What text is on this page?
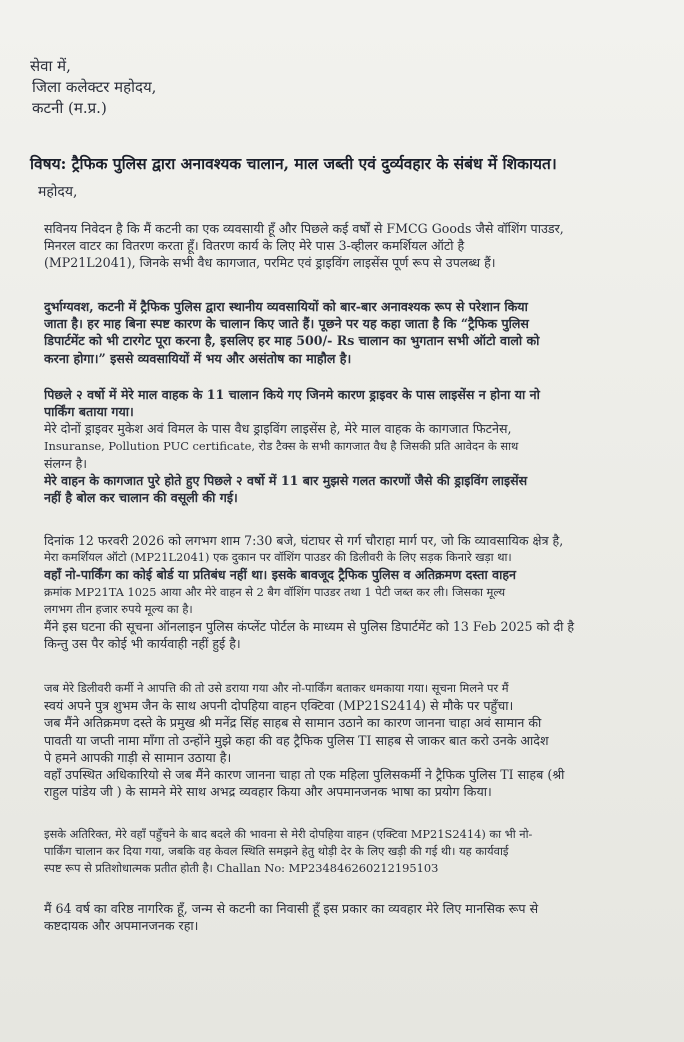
सेवा में,
जिला कलेक्टर महोदय,
कटनी (म.प्र.)
विषय: ट्रैफिक पुलिस द्वारा अनावश्यक चालान, माल जब्ती एवं दुर्व्यवहार के संबंध में शिकायत।
महोदय,

सविनय निवेदन है कि मैं कटनी का एक व्यवसायी हूँ और पिछले कई वर्षों से FMCG Goods जैसे वॉशिंग पाउडर,

मिनरल वाटर का वितरण करता हूँ। वितरण कार्य के लिए मेरे पास 3-व्हीलर कमर्शियल ऑटो है

(MP21L2041), जिनके सभी वैध कागजात, परमिट एवं ड्राइविंग लाइसेंस पूर्ण रूप से उपलब्ध हैं।

दुर्भाग्यवश, कटनी में ट्रैफिक पुलिस द्वारा स्थानीय व्यवसायियों को बार-बार अनावश्यक रूप से परेशान किया

जाता है। हर माह बिना स्पष्ट कारण के चालान किए जाते हैं। पूछने पर यह कहा जाता है कि “ट्रैफिक पुलिस

डिपार्टमेंट को भी टारगेट पूरा करना है, इसलिए हर माह 500/- Rs चालान का भुगतान सभी ऑटो वालो को

करना होगा।” इससे व्यवसायियों में भय और असंतोष का माहौल है।

पिछले २ वर्षो में मेरे माल वाहक के 11 चालान किये गए जिनमे कारण ड्राइवर के पास लाइसेंस न होना या नो

पार्किंग बताया गया।

मेरे दोनों ड्राइवर मुकेश अवं विमल के पास वैध ड्राइविंग लाइसेंस हे, मेरे माल वाहक के कागजात फिटनेस,

Insuranse, Pollution PUC certificate, रोड टैक्स के सभी कागजात वैध है जिसकी प्रति आवेदन के साथ

संलग्न है।

मेरे वाहन के कागजात पुरे होते हुए पिछले २ वर्षो में 11 बार मुझसे गलत कारणों जैसे की ड्राइविंग लाइसेंस

नहीं है बोल कर चालान की वसूली की गई।

दिनांक 12 फरवरी 2026 को लगभग शाम 7:30 बजे, घंटाघर से गर्ग चौराहा मार्ग पर, जो कि व्यावसायिक क्षेत्र है,

मेरा कमर्शियल ऑटो (MP21L2041) एक दुकान पर वॉशिंग पाउडर की डिलीवरी के लिए सड़क किनारे खड़ा था।

वहाँ नो-पार्किंग का कोई बोर्ड या प्रतिबंध नहीं था। इसके बावजूद ट्रैफिक पुलिस व अतिक्रमण दस्ता वाहन

क्रमांक MP21TA 1025 आया और मेरे वाहन से 2 बैग वॉशिंग पाउडर तथा 1 पेटी जब्त कर ली। जिसका मूल्य

लगभग तीन हजार रुपये मूल्य का है।

मैंने इस घटना की सूचना ऑनलाइन पुलिस कंप्लेंट पोर्टल के माध्यम से पुलिस डिपार्टमेंट को 13 Feb 2025 को दी है

किन्तु उस पैर कोई भी कार्यवाही नहीं हुई है।

जब मेरे डिलीवरी कर्मी ने आपत्ति की तो उसे डराया गया और नो-पार्किंग बताकर धमकाया गया। सूचना मिलने पर मैं

स्वयं अपने पुत्र शुभम जैन के साथ अपनी दोपहिया वाहन एक्टिवा (MP21S2414) से मौके पर पहुँचा।

जब मैंने अतिक्रमण दस्ते के प्रमुख श्री मनेंद्र सिंह साहब से सामान उठाने का कारण जानना चाहा अवं सामान की

पावती या जप्ती नामा माँगा तो उन्होंने मुझे कहा की वह ट्रैफिक पुलिस TI साहब से जाकर बात करो उनके आदेश

पे हमने आपकी गाड़ी से सामान उठाया है।

वहाँ उपस्थित अधिकारियो से जब मैंने कारण जानना चाहा तो एक महिला पुलिसकर्मी ने ट्रैफिक पुलिस TI साहब (श्री

राहुल पांडेय जी ) के सामने मेरे साथ अभद्र व्यवहार किया और अपमानजनक भाषा का प्रयोग किया।

इसके अतिरिक्त, मेरे वहाँ पहुँचने के बाद बदले की भावना से मेरी दोपहिया वाहन (एक्टिवा MP21S2414) का भी नो-

पार्किंग चालान कर दिया गया, जबकि वह केवल स्थिति समझने हेतु थोड़ी देर के लिए खड़ी की गई थी। यह कार्यवाई

स्पष्ट रूप से प्रतिशोधात्मक प्रतीत होती है। Challan No: MP23484626021219510З

मैं 64 वर्ष का वरिष्ठ नागरिक हूँ, जन्म से कटनी का निवासी हूँ इस प्रकार का व्यवहार मेरे लिए मानसिक रूप से

कष्टदायक और अपमानजनक रहा।
